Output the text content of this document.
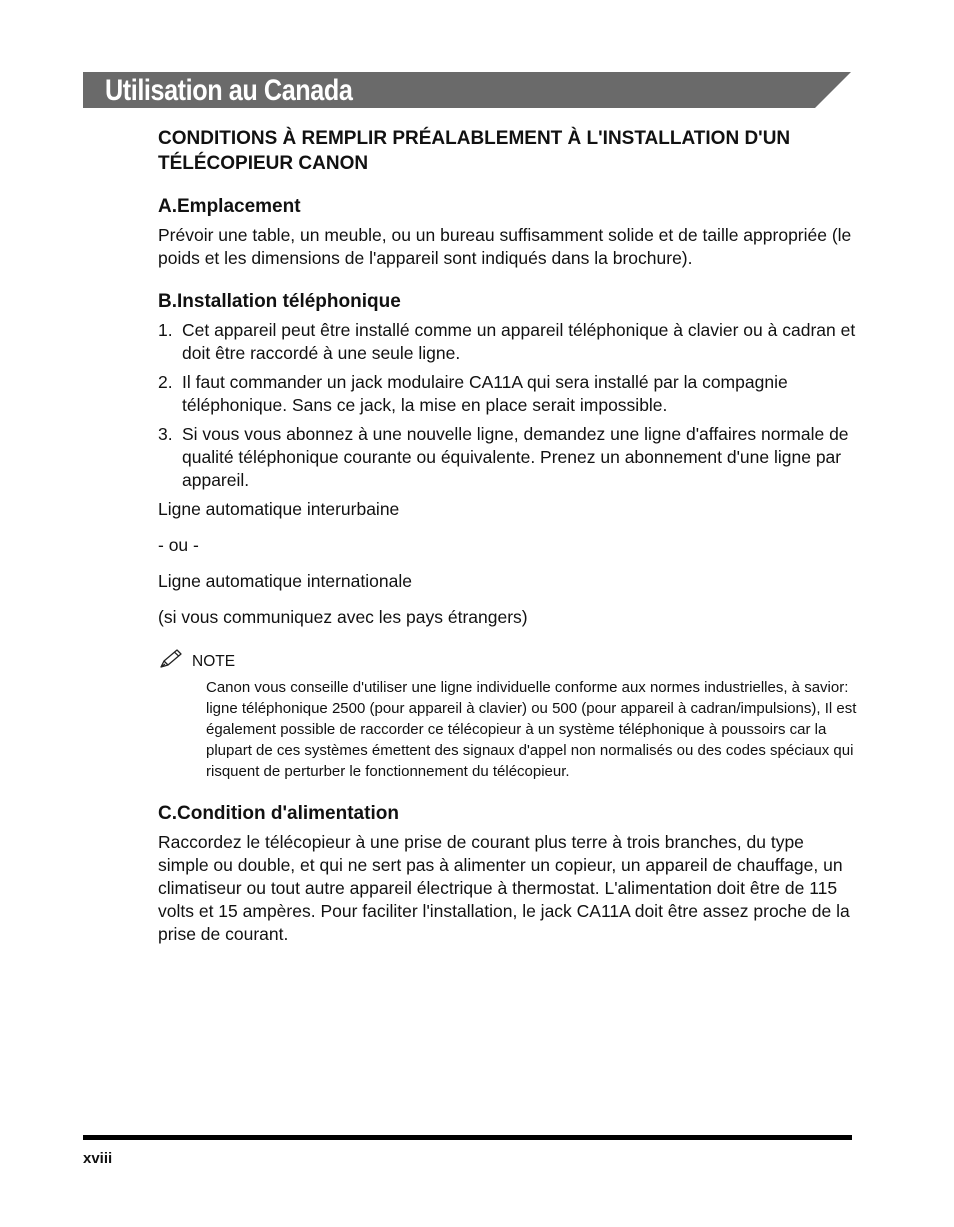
Utilisation au Canada
CONDITIONS À REMPLIR PRÉALABLEMENT À L'INSTALLATION D'UN TÉLÉCOPIEUR CANON
A.Emplacement

Prévoir une table, un meuble, ou un bureau suffisamment solide et de taille appropriée (le poids et les dimensions de l'appareil sont indiqués dans la brochure).

B.Installation téléphonique
1. Cet appareil peut être installé comme un appareil téléphonique à clavier ou à cadran et doit être raccordé à une seule ligne.
2. Il faut commander un jack modulaire CA11A qui sera installé par la compagnie téléphonique. Sans ce jack, la mise en place serait impossible.
3. Si vous vous abonnez à une nouvelle ligne, demandez une ligne d'affaires normale de qualité téléphonique courante ou équivalente. Prenez un abonnement d'une ligne par appareil.

Ligne automatique interurbaine

- ou -

Ligne automatique internationale

(si vous communiquez avec les pays étrangers)

NOTE

Canon vous conseille d'utiliser une ligne individuelle conforme aux normes industrielles, à savior: ligne téléphonique 2500 (pour appareil à clavier) ou 500 (pour appareil à cadran/impulsions), Il est également possible de raccorder ce télécopieur à un système téléphonique à poussoirs car la plupart de ces systèmes émettent des signaux d'appel non normalisés ou des codes spéciaux qui risquent de perturber le fonctionnement du télécopieur.

C.Condition d'alimentation

Raccordez le télécopieur à une prise de courant plus terre à trois branches, du type simple ou double, et qui ne sert pas à alimenter un copieur, un appareil de chauffage, un climatiseur ou tout autre appareil électrique à thermostat. L'alimentation doit être de 115 volts et 15 ampères. Pour faciliter l'installation, le jack CA11A doit être assez proche de la prise de courant.

xviii
